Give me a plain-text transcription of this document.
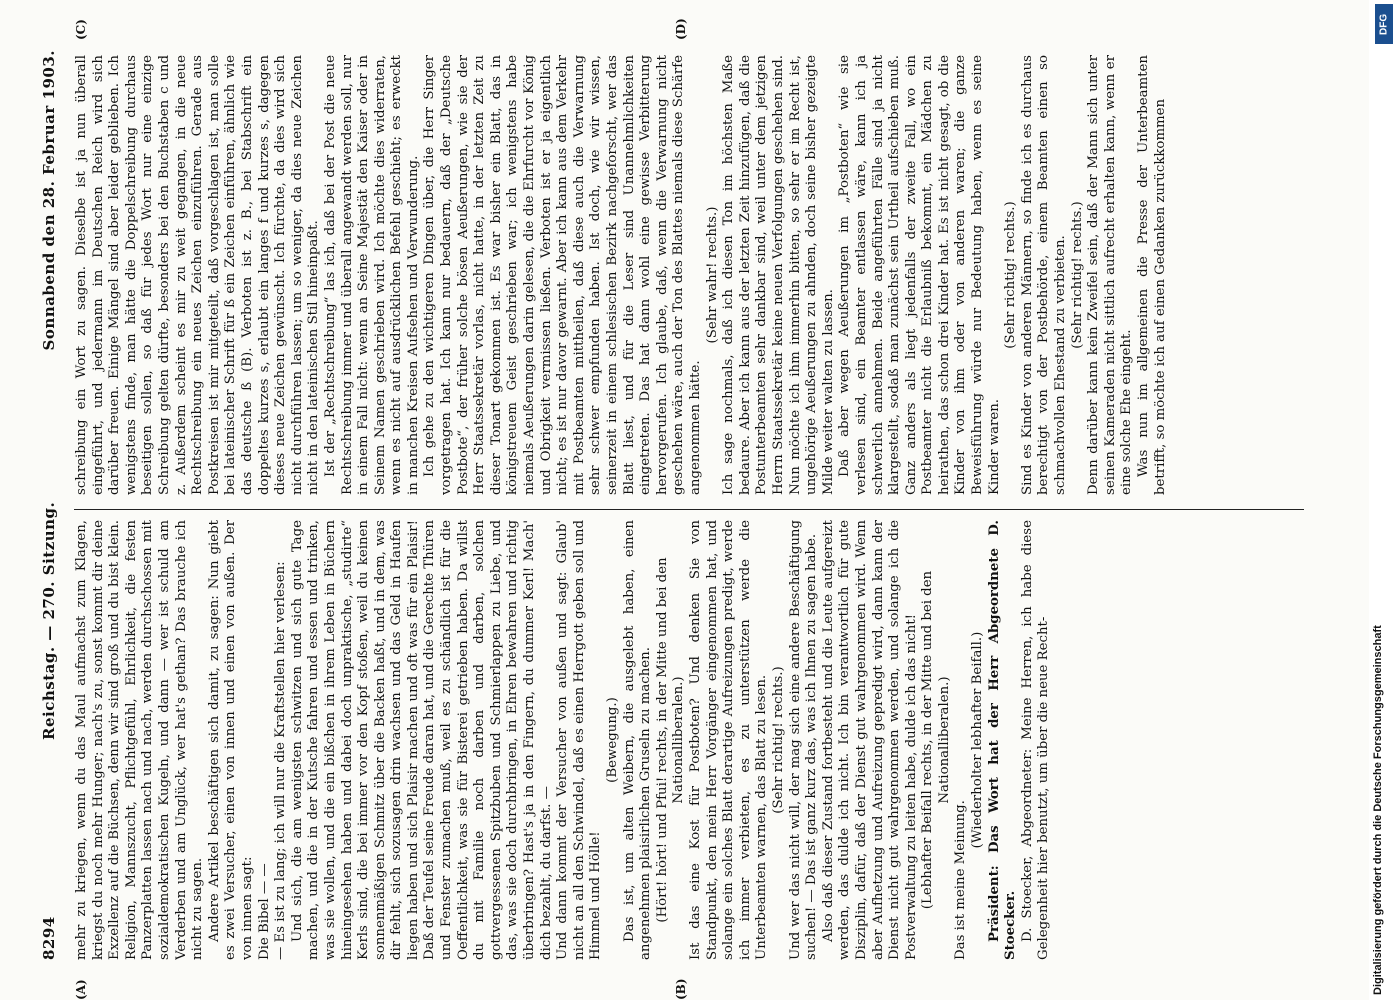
8294
Reichstag. — 270. Sitzung.
Sonnabend den 28. Februar 1903.
(A)	(B)
(C)	(D)

mehr zu kriegen, wenn du das Maul aufmachst zum Klagen, kriegst du noch mehr Hunger; nach's zu, sonst kommt dir deine Exzellenz auf die Büchsen, denn wir sind groß und du bist klein. Religion, Mannszucht, Pflichtgefühl, Ehrlichkeit, die festen Panzerplatten lassen nach und nach, werden durchschossen mit sozialdemokratischen Kugeln, und dann — wer ist schuld am Verderben und am Unglück, wer hat's gethan? Das brauche ich nicht zu sagen. Andere Artikel beschäftigen sich damit, zu sagen: Nun giebt es zwei Versucher, einen von innen und einen von außen. Der von innen sagt: Die Bibel — — — Es ist zu lang; ich will nur die Kraftstellen hier verlesen: Und sich, die am wenigsten schwitzen und sich gute Tage machen, und die in der Kutsche fahren und essen und trinken, was sie wollen, und die ein bißchen in ihrem Leben in Büchern hineingesehen haben und dabei doch unpraktische, „studirte“ Kerls sind, die bei immer vor den Kopf stoßen, weil du keinen sonnenmäßigen Schmitz über die Backen haßt, und in dem, was dir fehlt, sich sozusagen drin wachsen und das Geld in Haufen liegen haben und sich Plaisir machen und oft was für ein Plaisir! Daß der Teufel seine Freude daran hat, und die Gerechte Thüren und Fenster zumachen muß, weil es zu schändlich ist für die Oeffentlichkeit, was sie für Bisterei getrieben haben. Da willst du mit Familie noch darben und darben, solchen gottvergessenen Spitzbuben und Schmierlappen zu Liebe, und das, was sie doch durchbringen, in Ehren bewahren und richtig überbringen? Hast's ja in den Fingern, du dummer Kerl! Mach' dich bezahlt, du darfst. — Und dann kommt der Versucher von außen und sagt: Glaub' nicht an all den Schwindel, daß es einen Herrgott geben soll und Himmel und Hölle!

(Bewegung.) Das ist, um alten Weibern, die ausgelebt haben, einen angenehmen plaisirlichen Gruseln zu machen. (Hört! hört! und Pfui! rechts, in der Mitte und bei den Nationalliberalen.) Ist das eine Kost für Postboten? Und denken Sie von Standpunkt, den mein Herr Vorgänger eingenommen hat, und solange ein solches Blatt derartige Aufreizungen predigt, werde ich immer verbieten, es zu unterstützen werde die Unterbeamten warnen, das Blatt zu lesen. (Sehr richtig! rechts.) Und wer das nicht will, der mag sich eine andere Beschäftigung suchen! — Das ist ganz kurz das, was ich Ihnen zu sagen habe. Also daß dieser Zustand fortbesteht und die Leute aufgereizt werden, das dulde ich nicht. Ich bin verantwortlich für gute Disziplin, dafür, daß der Dienst gut wahrgenommen wird. Wenn aber Aufhetzung und Aufreizung gepredigt wird, dann kann der Dienst nicht gut wahrgenommen werden, und solange ich die Postverwaltung zu leiten habe, dulde ich das nicht! (Lebhafter Beifall rechts, in der Mitte und bei den Nationalliberalen.)

Das ist meine Meinung.

(Wiederholter lebhafter Beifall.) Präsident: Das Wort hat der Herr Abgeordnete D. Stoecker. D. Stoecker, Abgeordneter: Meine Herren, ich habe diese Gelegenheit hier benutzt, um über die neue Recht-

schreibung ein Wort zu sagen. Dieselbe ist ja nun überall eingeführt, und jedermann im Deutschen Reich wird sich darüber freuen. Einige Mängel sind aber leider geblieben. Ich wenigstens finde, man hätte die Doppelschreibung durchaus beseitigen sollen, so daß für jedes Wort nur eine einzige Schreibung gelten dürfte, besonders bei den Buchstaben c und z. Außerdem scheint es mir zu weit gegangen, in die neue Rechtschreibung ein neues Zeichen einzuführen. Gerade aus Postkreisen ist mir mitgeteilt, daß vorgeschlagen ist, man solle bei lateinischer Schrift für ß ein Zeichen einführen, ähnlich wie das deutsche ß (B). Verboten ist z. B., bei Stabschrift ein doppeltes kurzes s, erlaubt ein langes f und kurzes s, dagegen dieses neue Zeichen gewünscht. Ich fürchte, da dies wird sich nicht durchführen lassen; um so weniger, da dies neue Zeichen nicht in den lateinischen Stil hineinpaßt. Ist der „Rechtschreibung“ las ich, daß bei der Post die neue Rechtschreibung immer und überall angewandt werden soll, nur in einem Fall nicht: wenn an Seine Majestät den Kaiser oder in Seinem Namen geschrieben wird. Ich möchte dies widerraten, wenn es nicht auf ausdrücklichen Befehl geschieht; es erweckt in manchen Kreisen Aufsehen und Verwunderung. Ich gehe zu den wichtigeren Dingen über, die Herr Singer vorgetragen hat. Ich kann nur bedauern, daß der „Deutsche Postbote“, der früher solche bösen Aeußerungen, wie sie der Herr Staatssekretär vorlas, nicht hatte, in der letzten Zeit zu dieser Tonart gekommen ist. Es war bisher ein Blatt, das in königstreuem Geist geschrieben war; ich wenigstens habe niemals Aeußerungen darin gelesen, die die Ehrfurcht vor König und Obrigkeit vermissen ließen. Verboten ist er ja eigentlich nicht; es ist nur davor gewarnt. Aber ich kann aus dem Verkehr mit Postbeamten mittheilen, daß diese auch die Verwarnung sehr schwer empfunden haben. Ist doch, wie wir wissen, seinerzeit in einem schlesischen Bezirk nachgeforscht, wer das Blatt liest, und für die Leser sind Unannehmlichkeiten eingetreten. Das hat dann wohl eine gewisse Verbitterung hervorgerufen. Ich glaube, daß, wenn die Verwarnung nicht geschehen wäre, auch der Ton des Blattes niemals diese Schärfe angenommen hätte.

(Sehr wahr! rechts.) Ich sage nochmals, daß ich diesen Ton im höchsten Maße bedaure. Aber ich kann aus der letzten Zeit hinzufügen, daß die Postunterbeamten sehr dankbar sind, weil unter dem jetzigen Herrn Staatssekretär keine neuen Verfolgungen geschehen sind. Nun möchte ich ihm immerhin bitten, so sehr er im Recht ist, ungehörige Aeußerungen zu ahnden, doch seine bisher gezeigte Milde weiter walten zu lassen. Daß aber wegen Aeußerungen im „Postboten“ wie sie verlesen sind, ein Beamter entlassen wäre, kann ich ja schwerlich annehmen. Beide angeführten Fälle sind ja nicht klargestellt, sodaß man zunächst sein Urtheil aufschieben muß. Ganz anders als liegt jedenfalls der zweite Fall, wo ein Postbeamter nicht die Erlaubniß bekommt, ein Mädchen zu heirathen, das schon drei Kinder hat. Es ist nicht gesagt, ob die Kinder von ihm oder von anderen waren; die ganze Beweisführung würde nur Bedeutung haben, wenn es seine Kinder waren.

(Sehr richtig! rechts.) Sind es Kinder von anderen Männern, so finde ich es durchaus berechtigt von der Postbehörde, einem Beamten einen so schmachvollen Ehestand zu verbieten. (Sehr richtig! rechts.) Denn darüber kann kein Zweifel sein, daß der Mann sich unter seinen Kameraden nicht sittlich aufrecht erhalten kann, wenn er eine solche Ehe eingeht. Was nun im allgemeinen die Presse der Unterbeamten betrifft, so möchte ich auf einen Gedanken zurückkommen

DFG
Digitalisierung gefördert durch die Deutsche Forschungsgemeinschaft
